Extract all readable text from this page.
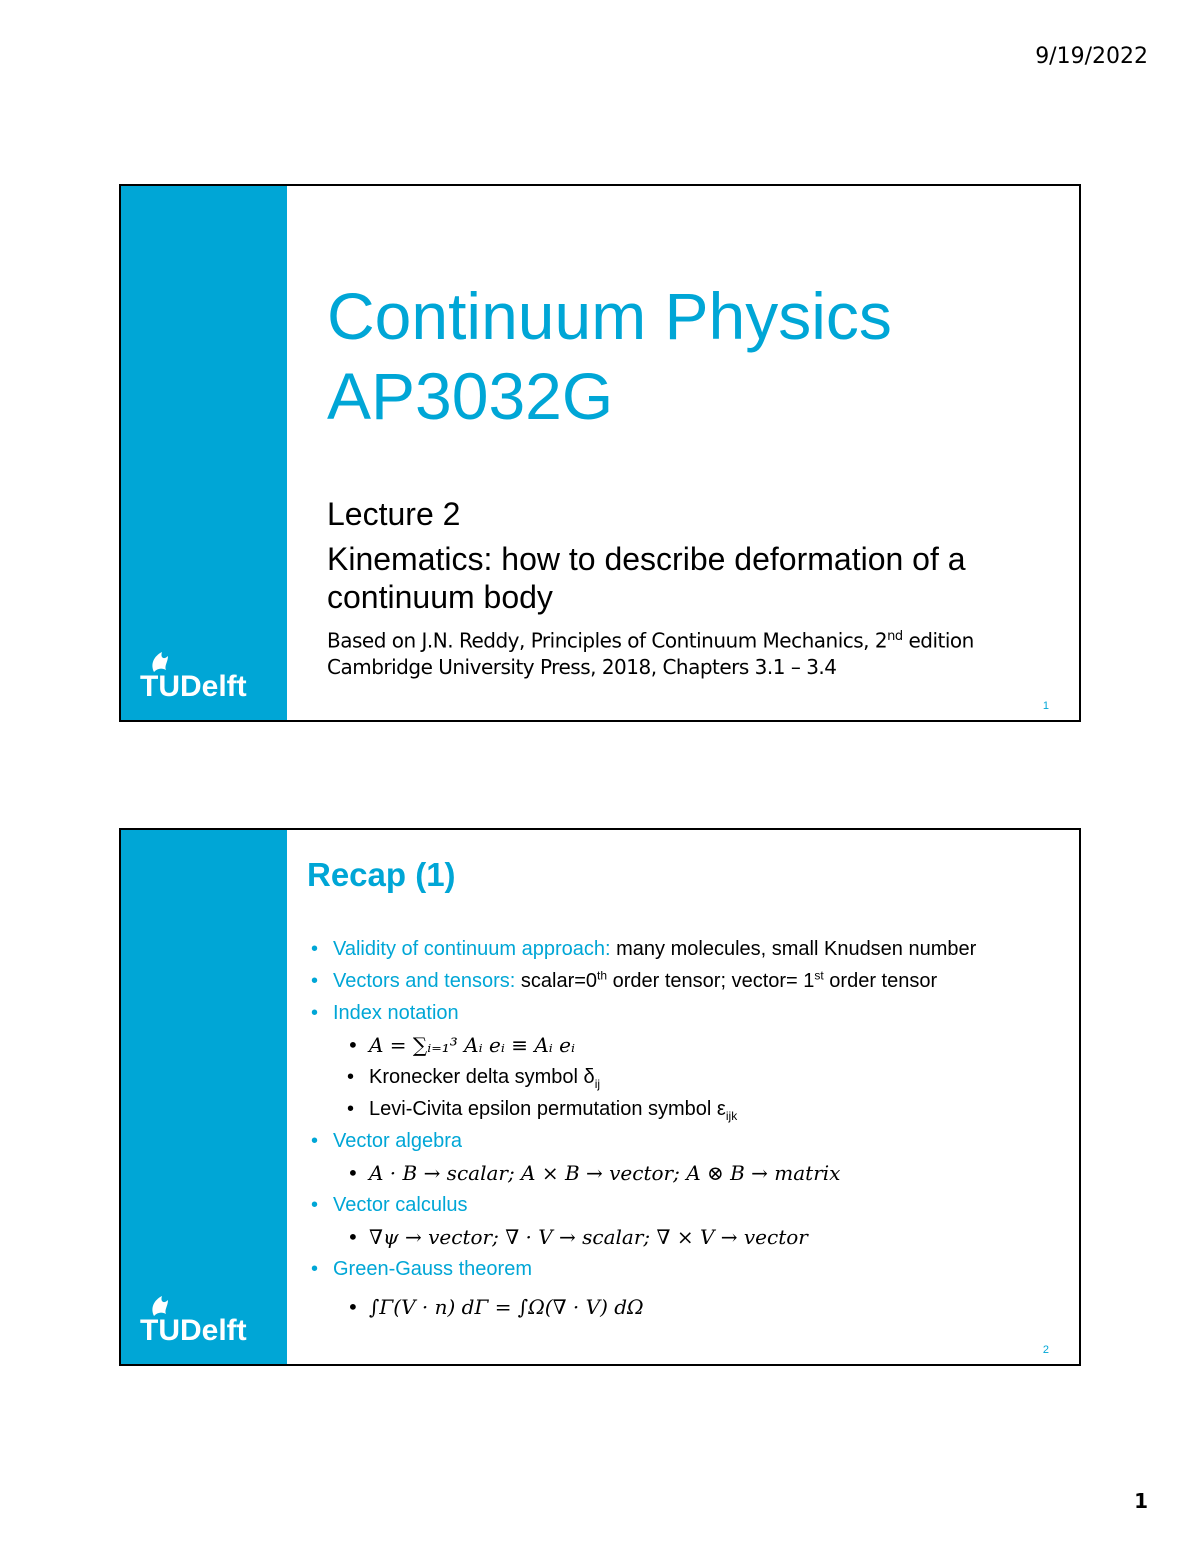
9/19/2022
TUDelft
Continuum Physics
AP3032G
Lecture 2
Kinematics: how to describe deformation of a continuum body
Based on J.N. Reddy, Principles of Continuum Mechanics, 2nd edition
Cambridge University Press, 2018, Chapters 3.1 – 3.4
1
TUDelft
Recap (1)
• Validity of continuum approach: many molecules, small Knudsen number
• Vectors and tensors: scalar=0th order tensor; vector= 1st order tensor
• Index notation
• A = ∑ᵢ₌₁³ Aᵢ eᵢ ≡ Aᵢ eᵢ
• Kronecker delta symbol $\delta_{ij}$
• Levi-Civita epsilon permutation symbol $\varepsilon_{ijk}$
• Vector algebra
• A · B → scalar; A × B → vector; A ⊗ B → matrix
• Vector calculus
• ∇ψ → vector; ∇ · V → scalar; ∇ × V → vector
• Green-Gauss theorem
• ∫Γ(V · n) dΓ = ∫Ω(∇ · V) dΩ
2
1
